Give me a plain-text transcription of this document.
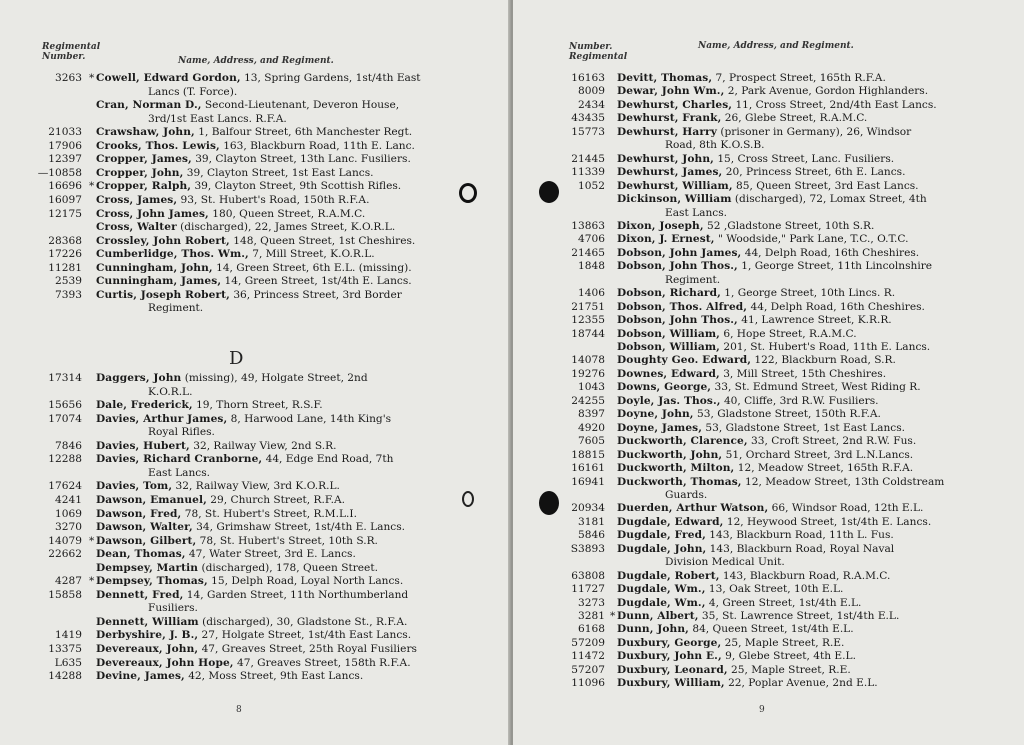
Regimental
Number.	Name, Address, and Regiment.
3263 * Cowell, Edward Gordon, 13, Spring Gardens, 1st/4th East
Lancs (T. Force).
Cran, Norman D., Second-Lieutenant, Deveron House,
3rd/1st East Lancs. R.F.A.
21033 Crawshaw, John, 1, Balfour Street, 6th Manchester Regt.
17906 Crooks, Thos. Lewis, 163, Blackburn Road, 11th E. Lanc.
12397 Cropper, James, 39, Clayton Street, 13th Lanc. Fusiliers.
—10858 Cropper, John, 39, Clayton Street, 1st East Lancs.
16696 * Cropper, Ralph, 39, Clayton Street, 9th Scottish Rifles.
16097 Cross, James, 93, St. Hubert's Road, 150th R.F.A.
12175 Cross, John James, 180, Queen Street, R.A.M.C.
Cross, Walter (discharged), 22, James Street, K.O.R.L.
28368 Crossley, John Robert, 148, Queen Street, 1st Cheshires.
17226 Cumberlidge, Thos. Wm., 7, Mill Street, K.O.R.L.
11281 Cunningham, John, 14, Green Street, 6th E.L. (missing).
2539 Cunningham, James, 14, Green Street, 1st/4th E. Lancs.
7393 Curtis, Joseph Robert, 36, Princess Street, 3rd Border
Regiment.
D
17314 Daggers, John (missing), 49, Holgate Street, 2nd
K.O.R.L.
15656 Dale, Frederick, 19, Thorn Street, R.S.F.
17074 Davies, Arthur James, 8, Harwood Lane, 14th King's
Royal Rifles.
7846 Davies, Hubert, 32, Railway View, 2nd S.R.
12288 Davies, Richard Cranborne, 44, Edge End Road, 7th
East Lancs.
17624 Davies, Tom, 32, Railway View, 3rd K.O.R.L.
4241 Dawson, Emanuel, 29, Church Street, R.F.A.
1069 Dawson, Fred, 78, St. Hubert's Street, R.M.L.I.
3270 Dawson, Walter, 34, Grimshaw Street, 1st/4th E. Lancs.
14079 * Dawson, Gilbert, 78, St. Hubert's Street, 10th S.R.
22662 Dean, Thomas, 47, Water Street, 3rd E. Lancs.
Dempsey, Martin (discharged), 178, Queen Street.
4287 * Dempsey, Thomas, 15, Delph Road, Loyal North Lancs.
15858 Dennett, Fred, 14, Garden Street, 11th Northumberland
Fusiliers.
Dennett, William (discharged), 30, Gladstone St., R.F.A.
1419 Derbyshire, J. B., 27, Holgate Street, 1st/4th East Lancs.
13375 Devereaux, John, 47, Greaves Street, 25th Royal Fusiliers
L635 Devereaux, John Hope, 47, Greaves Street, 158th R.F.A.
14288 Devine, James, 42, Moss Street, 9th East Lancs.
8
Number.
Regimental
Name, Address, and Regiment.
16163 Devitt, Thomas, 7, Prospect Street, 165th R.F.A.
8009 Dewar, John Wm., 2, Park Avenue, Gordon Highlanders.
2434 Dewhurst, Charles, 11, Cross Street, 2nd/4th East Lancs.
43435 Dewhurst, Frank, 26, Glebe Street, R.A.M.C.
15773 Dewhurst, Harry (prisoner in Germany), 26, Windsor
Road, 8th K.O.S.B.
21445 Dewhurst, John, 15, Cross Street, Lanc. Fusiliers.
11339 Dewhurst, James, 20, Princess Street, 6th E. Lancs.
1052 Dewhurst, William, 85, Queen Street, 3rd East Lancs.
Dickinson, William (discharged), 72, Lomax Street, 4th
East Lancs.
13863 Dixon, Joseph, 52 ,Gladstone Street, 10th S.R.
4706 Dixon, J. Ernest, " Woodside," Park Lane, T.C., O.T.C.
21465 Dobson, John James, 44, Delph Road, 16th Cheshires.
1848 Dobson, John Thos., 1, George Street, 11th Lincolnshire
Regiment.
1406 Dobson, Richard, 1, George Street, 10th Lincs. R.
21751 Dobson, Thos. Alfred, 44, Delph Road, 16th Cheshires.
12355 Dobson, John Thos., 41, Lawrence Street, K.R.R.
18744 Dobson, William, 6, Hope Street, R.A.M.C.
Dobson, William, 201, St. Hubert's Road, 11th E. Lancs.
14078 Doughty Geo. Edward, 122, Blackburn Road, S.R.
19276 Downes, Edward, 3, Mill Street, 15th Cheshires.
1043 Downs, George, 33, St. Edmund Street, West Riding R.
24255 Doyle, Jas. Thos., 40, Cliffe, 3rd R.W. Fusiliers.
8397 Doyne, John, 53, Gladstone Street, 150th R.F.A.
4920 Doyne, James, 53, Gladstone Street, 1st East Lancs.
7605 Duckworth, Clarence, 33, Croft Street, 2nd R.W. Fus.
18815 Duckworth, John, 51, Orchard Street, 3rd L.N.Lancs.
16161 Duckworth, Milton, 12, Meadow Street, 165th R.F.A.
16941 Duckworth, Thomas, 12, Meadow Street, 13th Coldstream
Guards.
20934 Duerden, Arthur Watson, 66, Windsor Road, 12th E.L.
3181 Dugdale, Edward, 12, Heywood Street, 1st/4th E. Lancs.
5846 Dugdale, Fred, 143, Blackburn Road, 11th L. Fus.
S3893 Dugdale, John, 143, Blackburn Road, Royal Naval
Division Medical Unit.
63808 Dugdale, Robert, 143, Blackburn Road, R.A.M.C.
11727 Dugdale, Wm., 13, Oak Street, 10th E.L.
3273 Dugdale, Wm., 4, Green Street, 1st/4th E.L.
3281 * Dunn, Albert, 35, St. Lawrence Street, 1st/4th E.L.
6168 Dunn, John, 84, Queen Street, 1st/4th E.L.
57209 Duxbury, George, 25, Maple Street, R.E.
11472 Duxbury, John E., 9, Glebe Street, 4th E.L.
57207 Duxbury, Leonard, 25, Maple Street, R.E.
11096 Duxbury, William, 22, Poplar Avenue, 2nd E.L.
9
